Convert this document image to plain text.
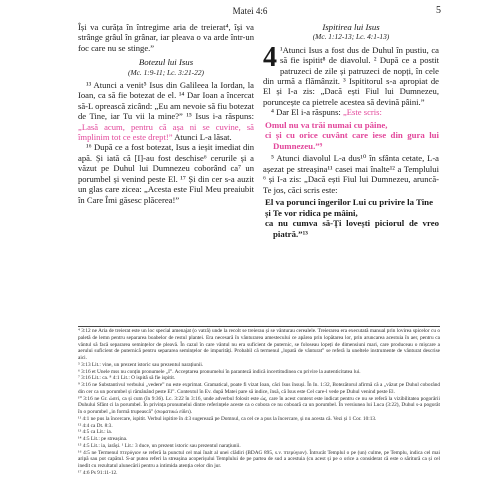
Matei 4:6	5

Își va curăța în întregime aria de treierat⁴, își va strânge grâul în grânar, iar pleava o va arde într-un foc care nu se stinge.”

Botezul lui Isus
(Mc. 1:9-11; Lc. 3:21-22)

¹³ Atunci a venit⁵ Isus din Galileea la Iordan, la Ioan, ca să fie botezat de el. ¹⁴ Dar Ioan a încercat să-L oprească zicând: „Eu am nevoie să fiu botezat de Tine, iar Tu vii la mine?” ¹⁵ Isus i-a răspuns: „Lasă acum, pentru că așa ni se cuvine, să împlinim tot ce este drept!” Atunci L-a lăsat.

¹⁶ După ce a fost botezat, Isus a ieșit imediat din apă. Și iată că [I]-au fost deschise⁶ cerurile și a văzut pe Duhul lui Dumnezeu coborând ca⁷ un porumbel și venind peste El. ¹⁷ Și din cer s-a auzit un glas care zicea: „Acesta este Fiul Meu preaiubit în Care Îmi găsesc plăcerea!”

Ispitirea lui Isus
(Mc. 1:12-13; Lc. 4:1-13)

4 ¹Atunci Isus a fost dus de Duhul în pustiu, ca să fie ispitit⁸ de diavolul. ² După ce a postit patruzeci de zile și patruzeci de nopți, în cele din urmă a flămânzit. ³ Ispititorul s-a apropiat de El și I-a zis: „Dacă ești Fiul lui Dumnezeu, poruncește ca pietrele acestea să devină pâini.”

⁴ Dar El i-a răspuns: „Este scris:

Omul nu va trăi numai cu pâine,
ci și cu orice cuvânt care iese din gura lui Dumnezeu.”⁹

⁵ Atunci diavolul L-a dus¹⁰ în sfânta cetate, L-a așezat pe streașina¹¹ casei mai înalte¹² a Templului ⁶ și I-a zis: „Dacă ești Fiul lui Dumnezeu, aruncă-Te jos, căci scris este:

El va porunci îngerilor Lui cu privire la Tine
și Te vor ridica pe mâini,
ca nu cumva să-Ți lovești piciorul de vreo piatră.”¹³

⁴ 3:12 ne Aria de treierat este un loc special amenajat (o vatră) unde la recolt se treierau și se vânturau cerealele. Treierarea era executată manual prin lovirea spicelor cu o paletă de lemn pentru separarea boabelor de restul plantei. Era necesară în vânturarea amestecului ce apărea prin lopătarea lor, prin aruncarea acestuia în aer, pentru ca vântul să facă separarea semințelor de pleavă. În cazul în care vântul nu era suficient de puternic, se foloseau lopeți de dimensiuni mari, care produceau o mișcare a aerului suficient de puternică pentru separarea semințelor de impurități. Probabil că termenul „lopată de vânturat” se referă la uneltele instrumente de vânturat descrise aici.

⁵ 3:13 Lit.: vine, un prezent istoric sau prezentul narațiunii.

⁶ 3:16 et Unele mss nu conțin pronumele „I”. Acceptarea pronumelui în paranteză indică incertitudinea cu privire la autenticitatea lui.

⁷ 3:16 Lit.: ca. ⁸ 4:1 Lit.: O ispită să fie ispitit.

⁹ 3:16 ne Substantivul verbului „vedere” nu este exprimat. Gramatical, poate fi vizat Ioan, căci Isus însuși. În In. 1:32, Botezătorul afirmă că a „văzut pe Duhul coborând din cer ca un porumbel și rămânând peste El”. Contextul în Ev. după Matei pare să indice, însă, că Isus este Cel care-l vede pe Duhul venind peste El.

¹⁰ 3:16 ne Gr. ώσεί, ca și cum (în 9:36). Lc. 3:22 în 3:16, unde adverbul folosit este ώς, care în acest context este indicat pentru ce nu se referă la vizibilitatea pogorârii Duhului Sfânt ci la porumbel. În privința pronumelui dintre referințele aceste ca o cobora ce nu coboară ca un porumbel. În versiunea lui Luca (3:22), Duhul s-a pogorât în o porumbel „in formă trupească” (σωματικώ είδει).

¹¹ 4:1 ne pus la încercare, ispitit. Verbul ispitire în 4:3 sugerează pe Domnul, ca cel ce a pus la încercare, și nu acesta că. Vezi și 1 Cor. 10:13.

¹² 4:4 ca Dt. 8:3.

¹³ 4:5 ca Lit.: ia.

¹⁴ 4:5 Lit.: pe streașina.

¹⁵ 4:5 Lit.: ia, iarăși. ¹ Lit.: 3 duce, un prezent istoric sau prezentul narațiunii.

¹⁶ 4:5 ne Termenul πτερύγιον se referă la punctul cel mai înalt al unei clădiri (BDAG 895, s.v. πτερύγιον). Întrucât Templul o pe (un) culme, pe Templu, indica cel mai aripă sau pot capătul. S-ar putea referi la streașina acoperișului Templului de pe partea de sud a acestuia (cu acest și pe o orice a considerat că este o săritură ca și cel inedit cu rezultatul alunecării pentru a intimida atenția celor din jur.

¹⁷ 4:6 Ps 91:11-12.
